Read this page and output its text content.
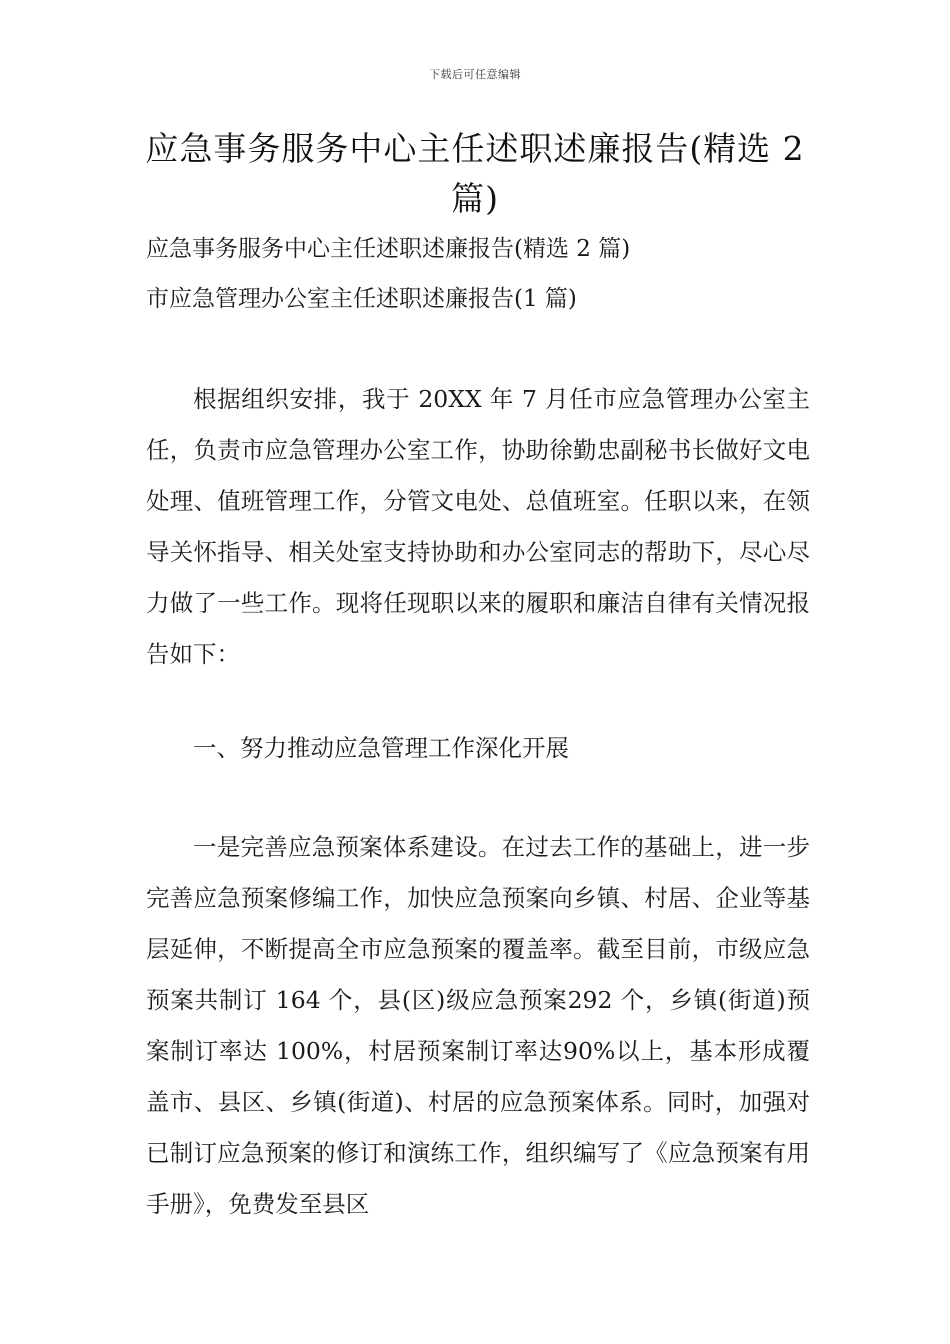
下载后可任意编辑
应急事务服务中心主任述职述廉报告(精选 2篇)
应急事务服务中心主任述职述廉报告(精选 2 篇)
市应急管理办公室主任述职述廉报告(1 篇)

根据组织安排，我于 20XX 年 7 月任市应急管理办公室主任，负责市应急管理办公室工作，协助徐勤忠副秘书长做好文电处理、值班管理工作，分管文电处、总值班室。任职以来，在领导关怀指导、相关处室支持协助和办公室同志的帮助下，尽心尽力做了一些工作。现将任现职以来的履职和廉洁自律有关情况报告如下：

一、努力推动应急管理工作深化开展

一是完善应急预案体系建设。在过去工作的基础上，进一步完善应急预案修编工作，加快应急预案向乡镇、村居、企业等基层延伸，不断提高全市应急预案的覆盖率。截至目前，市级应急预案共制订 164 个，县(区)级应急预案292 个，乡镇(街道)预案制订率达 100%，村居预案制订率达90%以上，基本形成覆盖市、县区、乡镇(街道)、村居的应急预案体系。同时，加强对已制订应急预案的修订和演练工作，组织编写了《应急预案有用手册》，免费发至县区
